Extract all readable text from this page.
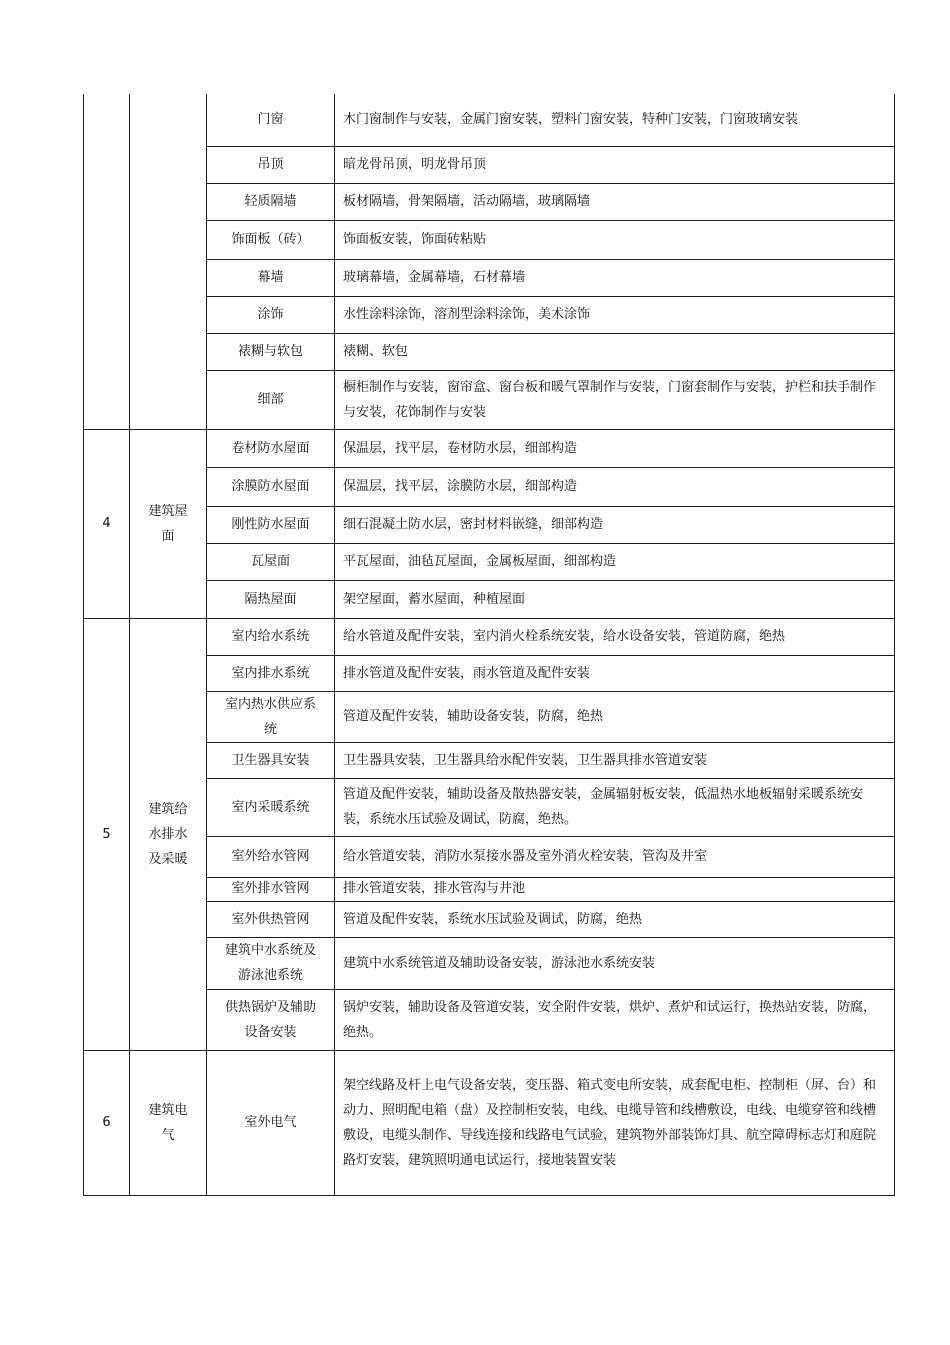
		门窗	木门窗制作与安装，金属门窗安装，塑料门窗安装，特种门安装，门窗玻璃安装
		吊顶	暗龙骨吊顶，明龙骨吊顶
		轻质隔墙	板材隔墙，骨架隔墙，活动隔墙，玻璃隔墙
		饰面板（砖）	饰面板安装，饰面砖粘贴
		幕墙	玻璃幕墙，金属幕墙，石材幕墙
		涂饰	水性涂料涂饰，溶剂型涂料涂饰，美术涂饰
		裱糊与软包	裱糊、软包
		细部	橱柜制作与安装，窗帘盒、窗台板和暖气罩制作与安装，门窗套制作与安装，护栏和扶手制作与安装，花饰制作与安装
4	建筑屋面	卷材防水屋面	保温层，找平层，卷材防水层，细部构造
		涂膜防水屋面	保温层，找平层，涂膜防水层，细部构造
		刚性防水屋面	细石混凝土防水层，密封材料嵌缝，细部构造
		瓦屋面	平瓦屋面，油毡瓦屋面，金属板屋面，细部构造
		隔热屋面	架空屋面，蓄水屋面，种植屋面
5	建筑给水排水及采暖	室内给水系统	给水管道及配件安装，室内消火栓系统安装，给水设备安装，管道防腐，绝热
		室内排水系统	排水管道及配件安装，雨水管道及配件安装

		室内热水供应系统	管道及配件安装，辅助设备安装，防腐，绝热
		卫生器具安装	卫生器具安装，卫生器具给水配件安装，卫生器具排水管道安装
		室内采暖系统	管道及配件安装，辅助设备及散热器安装，金属辐射板安装，低温热水地板辐射采暖系统安装，系统水压试验及调试，防腐，绝热。
		室外给水管网	给水管道安装，消防水泵接水器及室外消火栓安装，管沟及井室
		室外排水管网	排水管道安装，排水管沟与井池
		室外供热管网	管道及配件安装，系统水压试验及调试，防腐，绝热

		建筑中水系统及游泳池系统	建筑中水系统管道及辅助设备安装，游泳池水系统安装

		供热锅炉及辅助设备安装	锅炉安装，辅助设备及管道安装，安全附件安装，烘炉、煮炉和试运行，换热站安装，防腐，绝热。
6	建筑电气	室外电气	架空线路及杆上电气设备安装，变压器、箱式变电所安装，成套配电柜、控制柜（屏、台）和动力、照明配电箱（盘）及控制柜安装，电线、电缆导管和线槽敷设，电线、电缆穿管和线槽敷设，电缆头制作、导线连接和线路电气试验，建筑物外部装饰灯具、航空障碍标志灯和庭院路灯安装，建筑照明通电试运行，接地装置安装
